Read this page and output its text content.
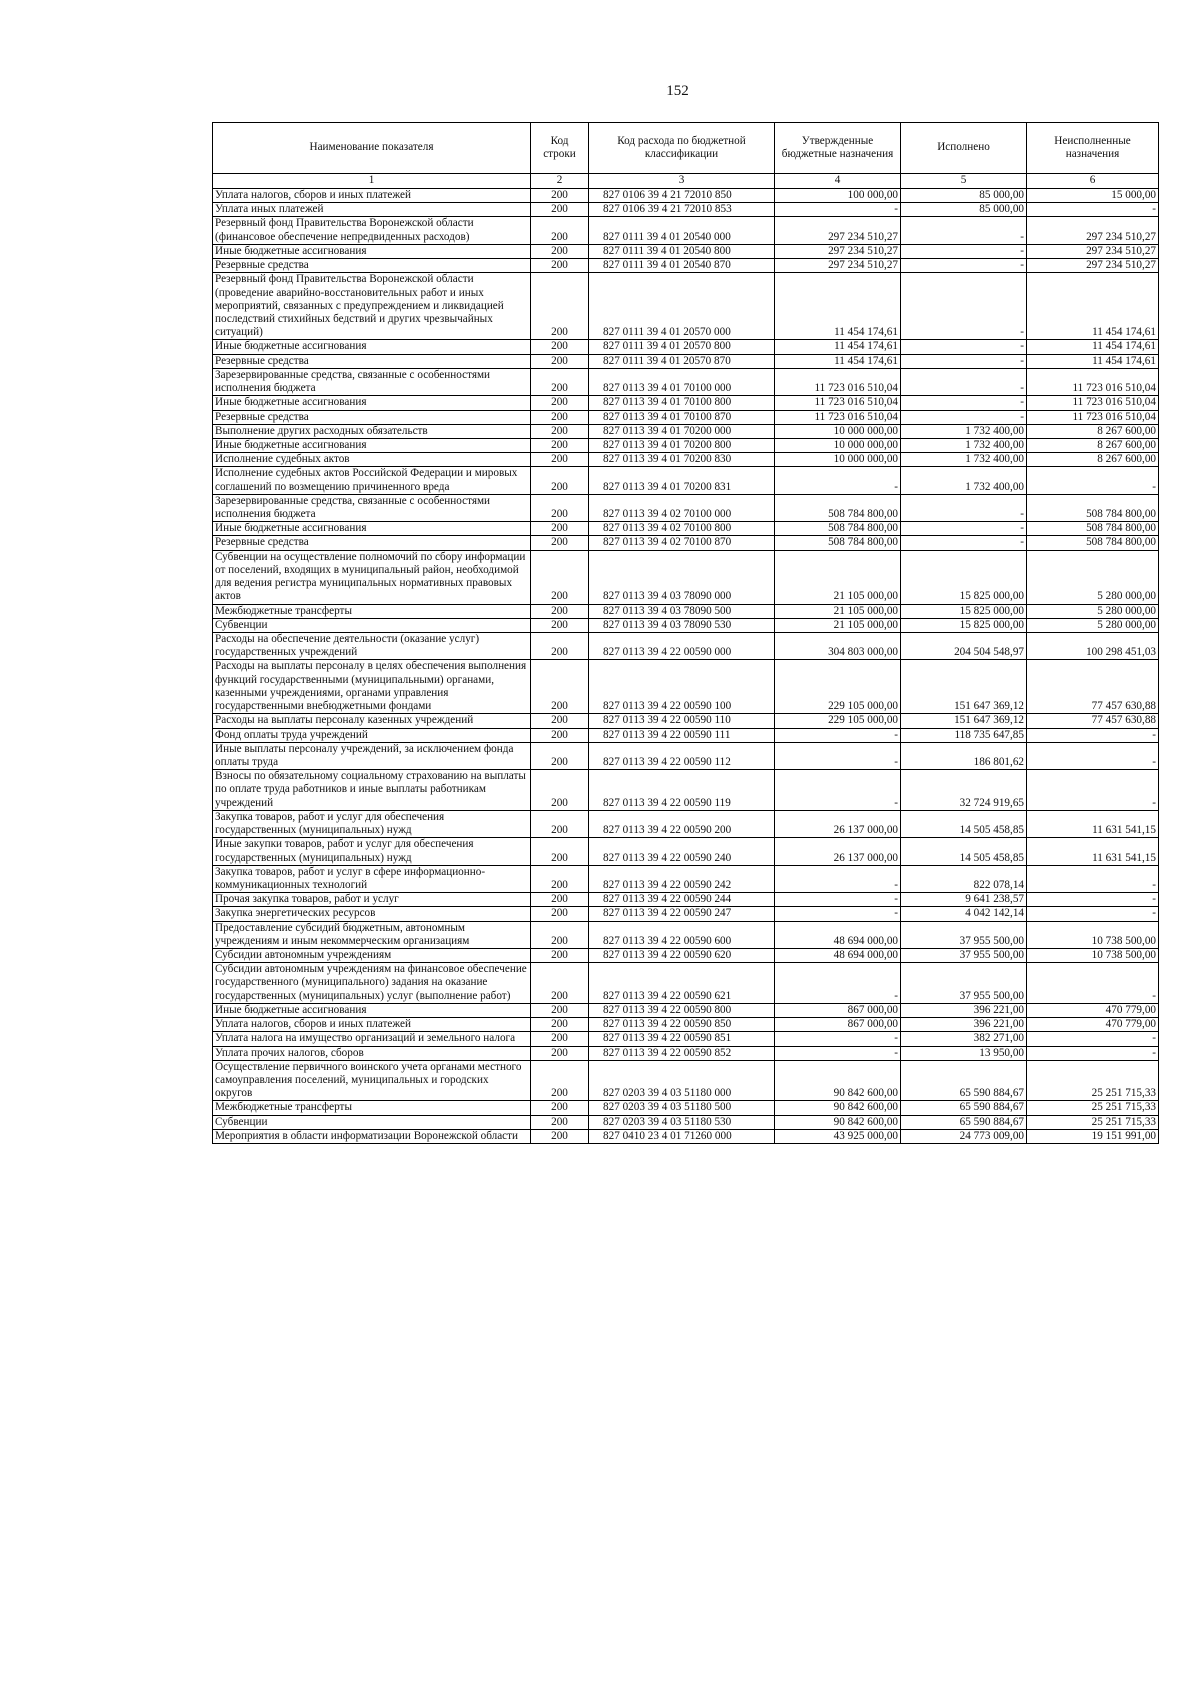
152
Наименование показателя	Код строки	Код расхода по бюджетной классификации	Утвержденные бюджетные назначения	Исполнено	Неисполненные назначения
1	2	3	4	5	6
Уплата налогов, сборов и иных платежей	200	827 0106 39 4 21 72010 850	100 000,00	85 000,00	15 000,00
Уплата иных платежей	200	827 0106 39 4 21 72010 853	-	85 000,00	-
Резервный фонд Правительства Воронежской области (финансовое обеспечение непредвиденных расходов)	200	827 0111 39 4 01 20540 000	297 234 510,27	-	297 234 510,27
Иные бюджетные ассигнования	200	827 0111 39 4 01 20540 800	297 234 510,27	-	297 234 510,27
Резервные средства	200	827 0111 39 4 01 20540 870	297 234 510,27	-	297 234 510,27
Резервный фонд Правительства Воронежской области (проведение аварийно-восстановительных работ и иных мероприятий, связанных с предупреждением и ликвидацией последствий стихийных бедствий и других чрезвычайных ситуаций)	200	827 0111 39 4 01 20570 000	11 454 174,61	-	11 454 174,61
Иные бюджетные ассигнования	200	827 0111 39 4 01 20570 800	11 454 174,61	-	11 454 174,61
Резервные средства	200	827 0111 39 4 01 20570 870	11 454 174,61	-	11 454 174,61
Зарезервированные средства, связанные с особенностями исполнения бюджета	200	827 0113 39 4 01 70100 000	11 723 016 510,04	-	11 723 016 510,04
Иные бюджетные ассигнования	200	827 0113 39 4 01 70100 800	11 723 016 510,04	-	11 723 016 510,04
Резервные средства	200	827 0113 39 4 01 70100 870	11 723 016 510,04	-	11 723 016 510,04
Выполнение других расходных обязательств	200	827 0113 39 4 01 70200 000	10 000 000,00	1 732 400,00	8 267 600,00
Иные бюджетные ассигнования	200	827 0113 39 4 01 70200 800	10 000 000,00	1 732 400,00	8 267 600,00
Исполнение судебных актов	200	827 0113 39 4 01 70200 830	10 000 000,00	1 732 400,00	8 267 600,00
Исполнение судебных актов Российской Федерации и мировых соглашений по возмещению причиненного вреда	200	827 0113 39 4 01 70200 831	-	1 732 400,00	-
Зарезервированные средства, связанные с особенностями исполнения бюджета	200	827 0113 39 4 02 70100 000	508 784 800,00	-	508 784 800,00
Иные бюджетные ассигнования	200	827 0113 39 4 02 70100 800	508 784 800,00	-	508 784 800,00
Резервные средства	200	827 0113 39 4 02 70100 870	508 784 800,00	-	508 784 800,00
Субвенции на осуществление полномочий по сбору информации от поселений, входящих в муниципальный район, необходимой для ведения регистра муниципальных нормативных правовых актов	200	827 0113 39 4 03 78090 000	21 105 000,00	15 825 000,00	5 280 000,00
Межбюджетные трансферты	200	827 0113 39 4 03 78090 500	21 105 000,00	15 825 000,00	5 280 000,00
Субвенции	200	827 0113 39 4 03 78090 530	21 105 000,00	15 825 000,00	5 280 000,00
Расходы на обеспечение деятельности (оказание услуг) государственных учреждений	200	827 0113 39 4 22 00590 000	304 803 000,00	204 504 548,97	100 298 451,03
Расходы на выплаты персоналу в целях обеспечения выполнения функций государственными (муниципальными) органами, казенными учреждениями, органами управления государственными внебюджетными фондами	200	827 0113 39 4 22 00590 100	229 105 000,00	151 647 369,12	77 457 630,88
Расходы на выплаты персоналу казенных учреждений	200	827 0113 39 4 22 00590 110	229 105 000,00	151 647 369,12	77 457 630,88
Фонд оплаты труда учреждений	200	827 0113 39 4 22 00590 111	-	118 735 647,85	-
Иные выплаты персоналу учреждений, за исключением фонда оплаты труда	200	827 0113 39 4 22 00590 112	-	186 801,62	-
Взносы по обязательному социальному страхованию на выплаты по оплате труда работников и иные выплаты работникам учреждений	200	827 0113 39 4 22 00590 119	-	32 724 919,65	-
Закупка товаров, работ и услуг для обеспечения государственных (муниципальных) нужд	200	827 0113 39 4 22 00590 200	26 137 000,00	14 505 458,85	11 631 541,15
Иные закупки товаров, работ и услуг для обеспечения государственных (муниципальных) нужд	200	827 0113 39 4 22 00590 240	26 137 000,00	14 505 458,85	11 631 541,15
Закупка товаров, работ и услуг в сфере информационно-коммуникационных технологий	200	827 0113 39 4 22 00590 242	-	822 078,14	-
Прочая закупка товаров, работ и услуг	200	827 0113 39 4 22 00590 244	-	9 641 238,57	-
Закупка энергетических ресурсов	200	827 0113 39 4 22 00590 247	-	4 042 142,14	-
Предоставление субсидий бюджетным, автономным учреждениям и иным некоммерческим организациям	200	827 0113 39 4 22 00590 600	48 694 000,00	37 955 500,00	10 738 500,00
Субсидии автономным учреждениям	200	827 0113 39 4 22 00590 620	48 694 000,00	37 955 500,00	10 738 500,00
Субсидии автономным учреждениям на финансовое обеспечение государственного (муниципального) задания на оказание государственных (муниципальных) услуг (выполнение работ)	200	827 0113 39 4 22 00590 621	-	37 955 500,00	-
Иные бюджетные ассигнования	200	827 0113 39 4 22 00590 800	867 000,00	396 221,00	470 779,00
Уплата налогов, сборов и иных платежей	200	827 0113 39 4 22 00590 850	867 000,00	396 221,00	470 779,00
Уплата налога на имущество организаций и земельного налога	200	827 0113 39 4 22 00590 851	-	382 271,00	-
Уплата прочих налогов, сборов	200	827 0113 39 4 22 00590 852	-	13 950,00	-
Осуществление первичного воинского учета органами местного самоуправления поселений, муниципальных и городских округов	200	827 0203 39 4 03 51180 000	90 842 600,00	65 590 884,67	25 251 715,33
Межбюджетные трансферты	200	827 0203 39 4 03 51180 500	90 842 600,00	65 590 884,67	25 251 715,33
Субвенции	200	827 0203 39 4 03 51180 530	90 842 600,00	65 590 884,67	25 251 715,33
Мероприятия в области информатизации Воронежской области	200	827 0410 23 4 01 71260 000	43 925 000,00	24 773 009,00	19 151 991,00
